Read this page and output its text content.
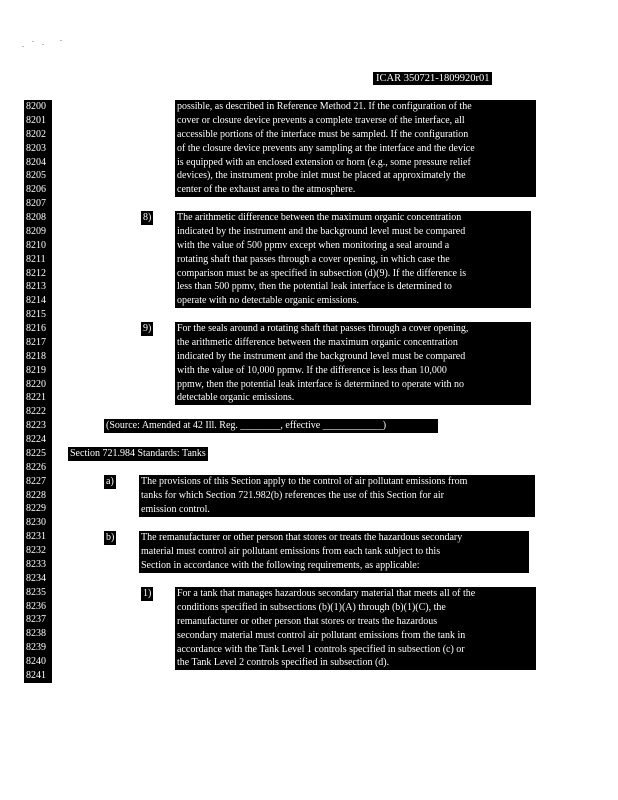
ICAR 350721-1809920r01
8200
8201
8202
8203
8204
8205
8206
8207
8208
8209
8210
8211
8212
8213
8214
8215
8216
8217
8218
8219
8220
8221
8222
8223
8224
8225
8226
8227
8228
8229
8230
8231
8232
8233
8234
8235
8236
8237
8238
8239
8240
8241
possible, as described in Reference Method 21. If the configuration of the
cover or closure device prevents a complete traverse of the interface, all
accessible portions of the interface must be sampled. If the configuration
of the closure device prevents any sampling at the interface and the device
is equipped with an enclosed extension or horn (e.g., some pressure relief
devices), the instrument probe inlet must be placed at approximately the
center of the exhaust area to the atmosphere.
8)	The arithmetic difference between the maximum organic concentration
indicated by the instrument and the background level must be compared
with the value of 500 ppmv except when monitoring a seal around a
rotating shaft that passes through a cover opening, in which case the
comparison must be as specified in subsection (d)(9). If the difference is
less than 500 ppmv, then the potential leak interface is determined to
operate with no detectable organic emissions.
9)	For the seals around a rotating shaft that passes through a cover opening,
the arithmetic difference between the maximum organic concentration
indicated by the instrument and the background level must be compared
with the value of 10,000 ppmw. If the difference is less than 10,000
ppmw, then the potential leak interface is determined to operate with no
detectable organic emissions.
(Source: Amended at 42 Ill. Reg. ________, effective ____________)
Section 721.984 Standards: Tanks
a)	The provisions of this Section apply to the control of air pollutant emissions from
tanks for which Section 721.982(b) references the use of this Section for air
emission control.
b)	The remanufacturer or other person that stores or treats the hazardous secondary
material must control air pollutant emissions from each tank subject to this
Section in accordance with the following requirements, as applicable:
1)	For a tank that manages hazardous secondary material that meets all of the
conditions specified in subsections (b)(1)(A) through (b)(1)(C), the
remanufacturer or other person that stores or treats the hazardous
secondary material must control air pollutant emissions from the tank in
accordance with the Tank Level 1 controls specified in subsection (c) or
the Tank Level 2 controls specified in subsection (d).
